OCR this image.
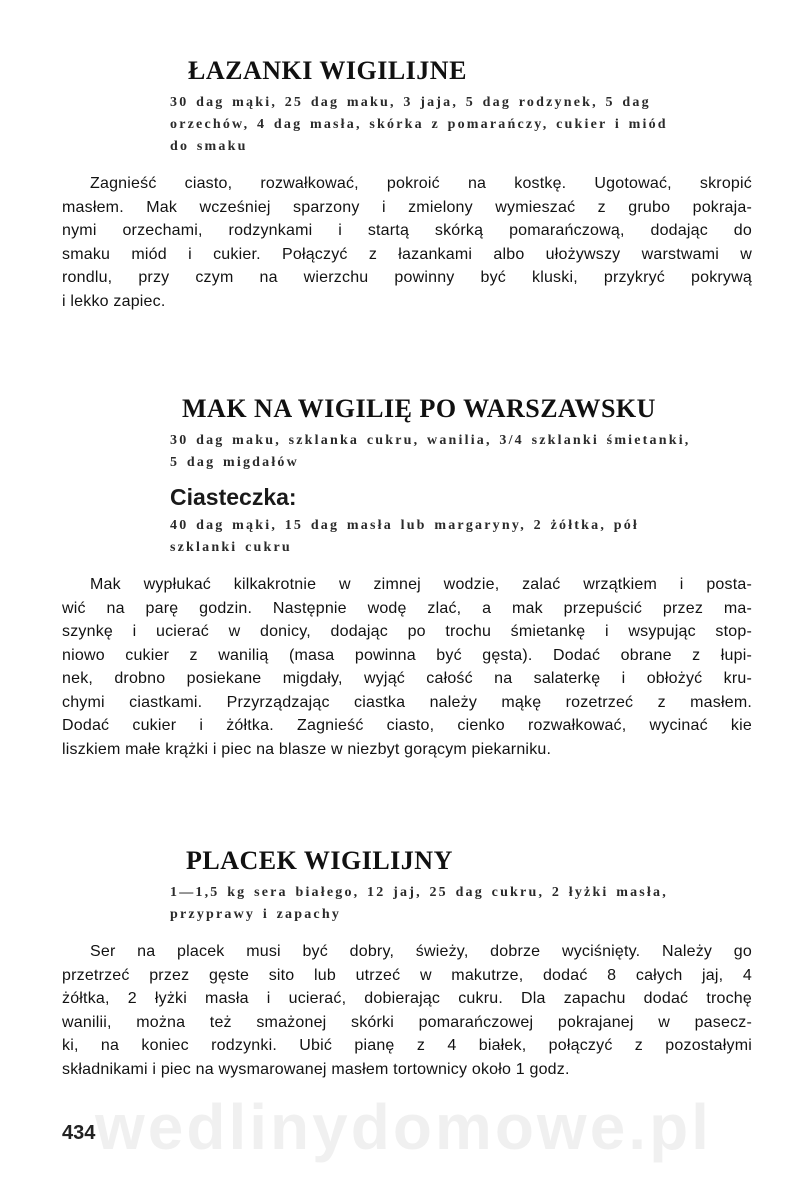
ŁAZANKI WIGILIJNE

30 dag mąki, 25 dag maku, 3 jaja, 5 dag rodzynek, 5 dag

orzechów, 4 dag masła, skórka z pomarańczy, cukier i miód

do smaku

Zagnieść ciasto, rozwałkować, pokroić na kostkę. Ugotować, skropić
masłem. Mak wcześniej sparzony i zmielony wymieszać z grubo pokraja-
nymi orzechami, rodzynkami i startą skórką pomarańczową, dodając do
smaku miód i cukier. Połączyć z łazankami albo ułożywszy warstwami w
rondlu, przy czym na wierzchu powinny być kluski, przykryć pokrywą
i lekko zapiec.
MAK NA WIGILIĘ PO WARSZAWSKU

30 dag maku, szklanka cukru, wanilia, 3/4 szklanki śmietanki,

5 dag migdałów

Ciasteczka:

40 dag mąki, 15 dag masła lub margaryny, 2 żółtka, pół

szklanki cukru

Mak wypłukać kilkakrotnie w zimnej wodzie, zalać wrzątkiem i posta-
wić na parę godzin. Następnie wodę zlać, a mak przepuścić przez ma-
szynkę i ucierać w donicy, dodając po trochu śmietankę i wsypując stop-
niowo cukier z wanilią (masa powinna być gęsta). Dodać obrane z łupi-
nek, drobno posiekane migdały, wyjąć całość na salaterkę i obłożyć kru-
chymi ciastkami. Przyrządzając ciastka należy mąkę rozetrzeć z masłem.
Dodać cukier i żółtka. Zagnieść ciasto, cienko rozwałkować, wycinać kie
liszkiem małe krążki i piec na blasze w niezbyt gorącym piekarniku.
PLACEK WIGILIJNY

1—1,5 kg sera białego, 12 jaj, 25 dag cukru, 2 łyżki masła,

przyprawy i zapachy

Ser na placek musi być dobry, świeży, dobrze wyciśnięty. Należy go
przetrzeć przez gęste sito lub utrzeć w makutrze, dodać 8 całych jaj, 4
żółtka, 2 łyżki masła i ucierać, dobierając cukru. Dla zapachu dodać trochę
wanilii, można też smażonej skórki pomarańczowej pokrajanej w pasecz-
ki, na koniec rodzynki. Ubić pianę z 4 białek, połączyć z pozostałymi
składnikami i piec na wysmarowanej masłem tortownicy około 1 godz.
wedlinydomowe.pl
434
